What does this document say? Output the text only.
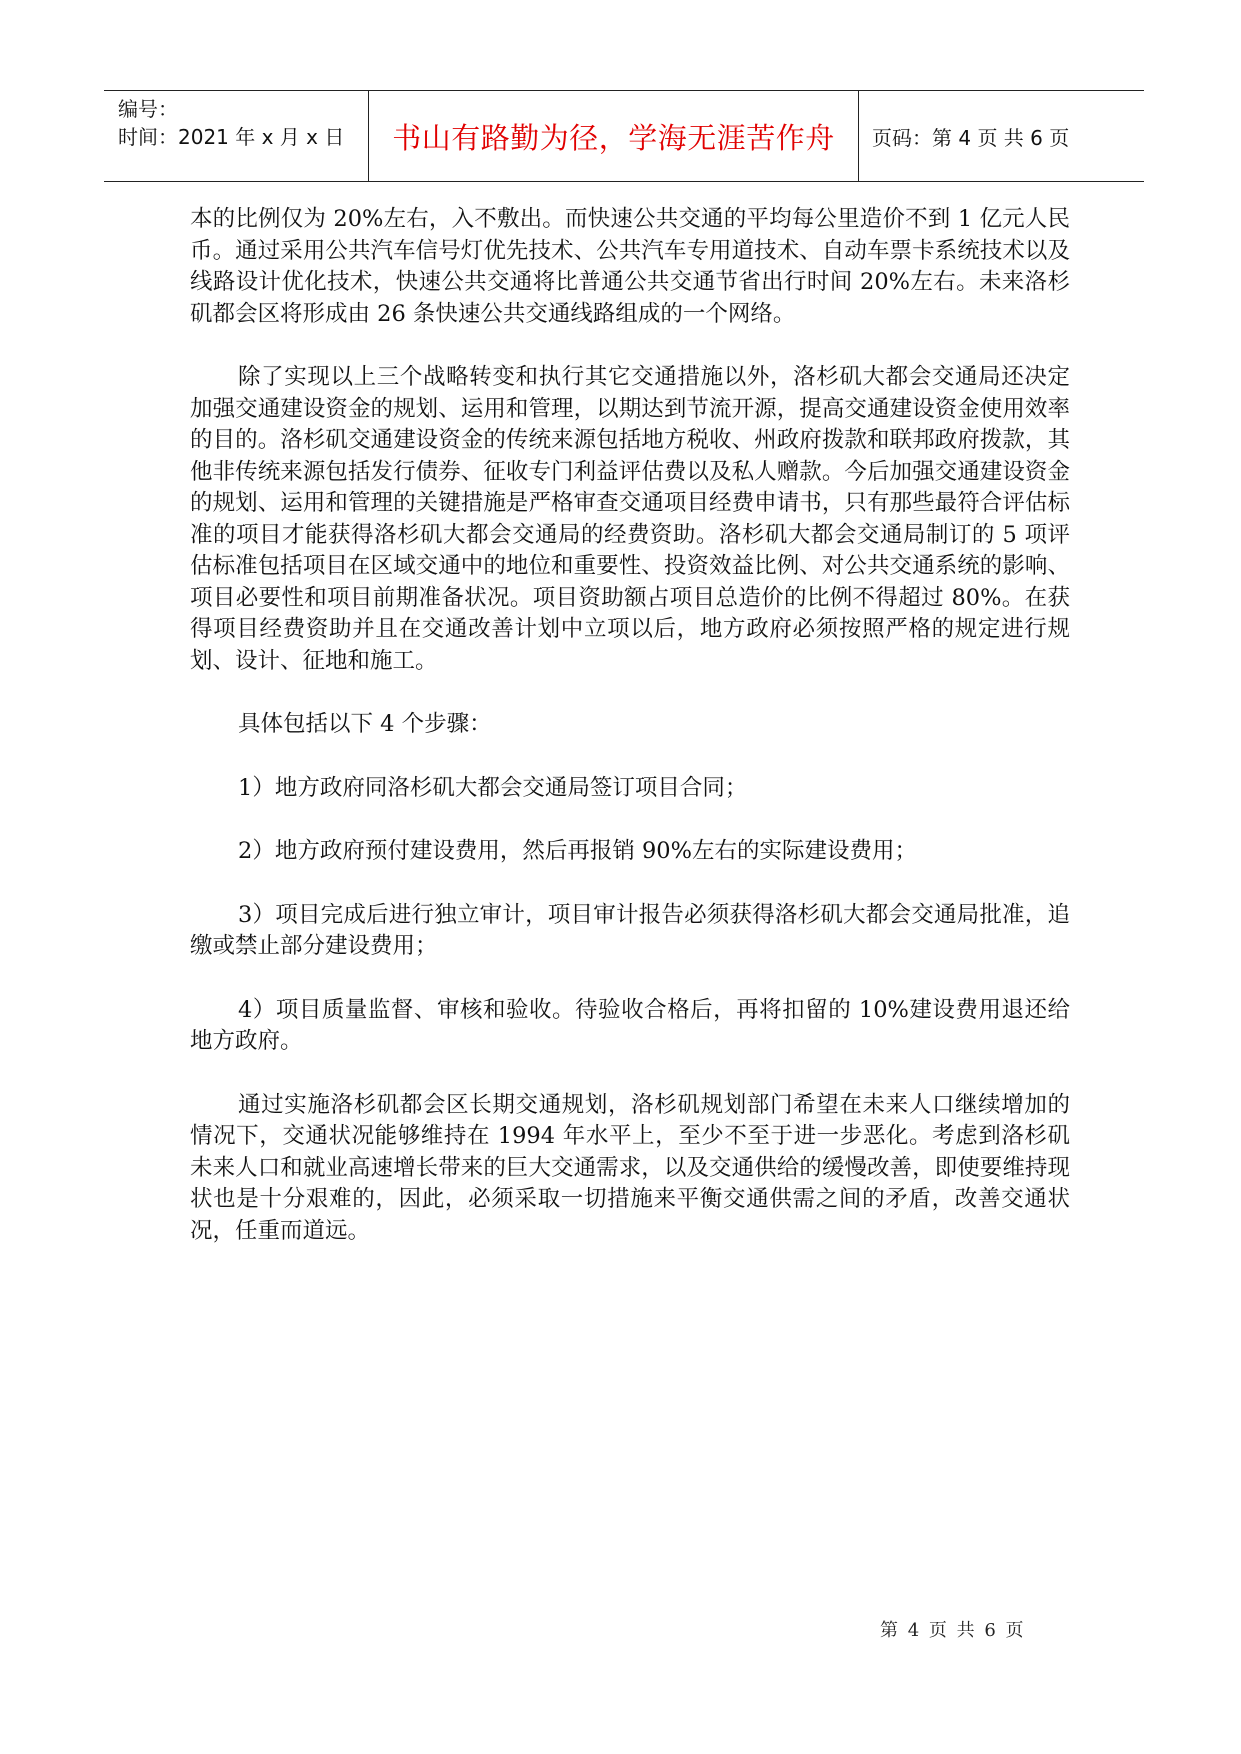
编号：
时间：2021 年 x 月 x 日	书山有路勤为径，学海无涯苦作舟	页码：第 4 页 共 6 页

本的比例仅为 20%左右，入不敷出。而快速公共交通的平均每公里造价不到 1 亿元人民币。通过采用公共汽车信号灯优先技术、公共汽车专用道技术、自动车票卡系统技术以及线路设计优化技术，快速公共交通将比普通公共交通节省出行时间 20%左右。未来洛杉矶都会区将形成由 26 条快速公共交通线路组成的一个网络。

除了实现以上三个战略转变和执行其它交通措施以外，洛杉矶大都会交通局还决定加强交通建设资金的规划、运用和管理，以期达到节流开源，提高交通建设资金使用效率的目的。洛杉矶交通建设资金的传统来源包括地方税收、州政府拨款和联邦政府拨款，其他非传统来源包括发行债券、征收专门利益评估费以及私人赠款。今后加强交通建设资金的规划、运用和管理的关键措施是严格审查交通项目经费申请书，只有那些最符合评估标准的项目才能获得洛杉矶大都会交通局的经费资助。洛杉矶大都会交通局制订的 5 项评估标准包括项目在区域交通中的地位和重要性、投资效益比例、对公共交通系统的影响、项目必要性和项目前期准备状况。项目资助额占项目总造价的比例不得超过 80%。在获得项目经费资助并且在交通改善计划中立项以后，地方政府必须按照严格的规定进行规划、设计、征地和施工。

具体包括以下 4 个步骤：

1）地方政府同洛杉矶大都会交通局签订项目合同；

2）地方政府预付建设费用，然后再报销 90%左右的实际建设费用；

3）项目完成后进行独立审计，项目审计报告必须获得洛杉矶大都会交通局批准，追缴或禁止部分建设费用；

4）项目质量监督、审核和验收。待验收合格后，再将扣留的 10%建设费用退还给地方政府。

通过实施洛杉矶都会区长期交通规划，洛杉矶规划部门希望在未来人口继续增加的情况下，交通状况能够维持在 1994 年水平上，至少不至于进一步恶化。考虑到洛杉矶未来人口和就业高速增长带来的巨大交通需求，以及交通供给的缓慢改善，即使要维持现状也是十分艰难的，因此，必须采取一切措施来平衡交通供需之间的矛盾，改善交通状况，任重而道远。

第 4 页 共 6 页
